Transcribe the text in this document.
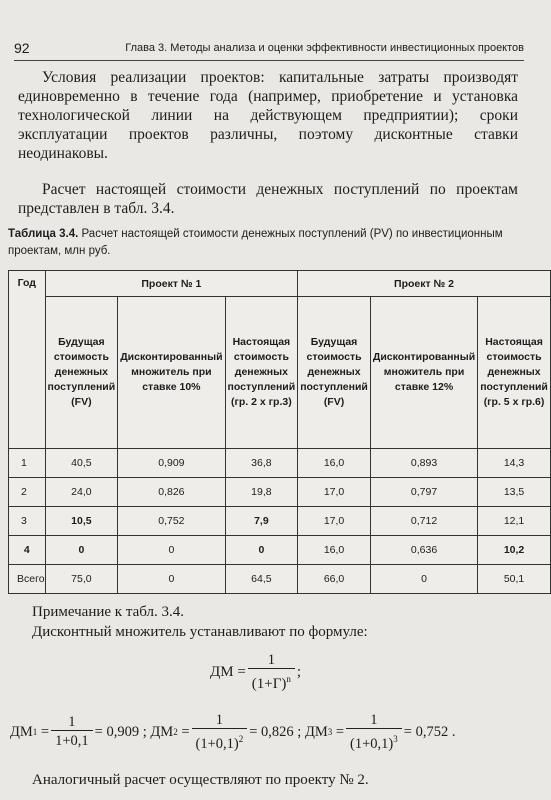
92	Глава 3. Методы анализа и оценки эффективности инвестиционных проектов
Условия реализации проектов: капитальные затраты производят единовременно в течение года (например, приобретение и установка технологической линии на действующем предприятии); сроки эксплуатации проектов различны, поэтому дисконтные ставки неодинаковы.
Расчет настоящей стоимости денежных поступлений по проектам представлен в табл. 3.4.
Таблица 3.4. Расчет настоящей стоимости денежных поступлений (PV) по инвестиционным проектам, млн руб.
Год	Проект № 1			Проект № 2		
	Будущая стоимость денежных поступлений (FV)	Дисконтированный множитель при ставке 10%	Настоящая стоимость денежных поступлений (гр. 2 х гр.3)	Будущая стоимость денежных поступлений (FV)	Дисконтированный множитель при ставке 12%	Настоящая стоимость денежных поступлений (гр. 5 х гр.6)
1	40,5	0,909	36,8	16,0	0,893	14,3
2	24,0	0,826	19,8	17,0	0,797	13,5
3	10,5	0,752	7,9	17,0	0,712	12,1
4	0	0	0	16,0	0,636	10,2
Всего	75,0	0	64,5	66,0	0	50,1
Примечание к табл. 3.4.
Дисконтный множитель устанавливают по формуле:
ДМ = $\frac{1}{(1+Г)^n}$ ;
ДМ $1 = \frac{1}{1+0,1} = 0,909$ ;
ДМ $2 = \frac{1}{(1+0,1)^2} = 0,826$ ;
ДМ $3 = \frac{1}{(1+0,1)^3} = 0,752$ .
Аналогичный расчет осуществляют по проекту № 2.
